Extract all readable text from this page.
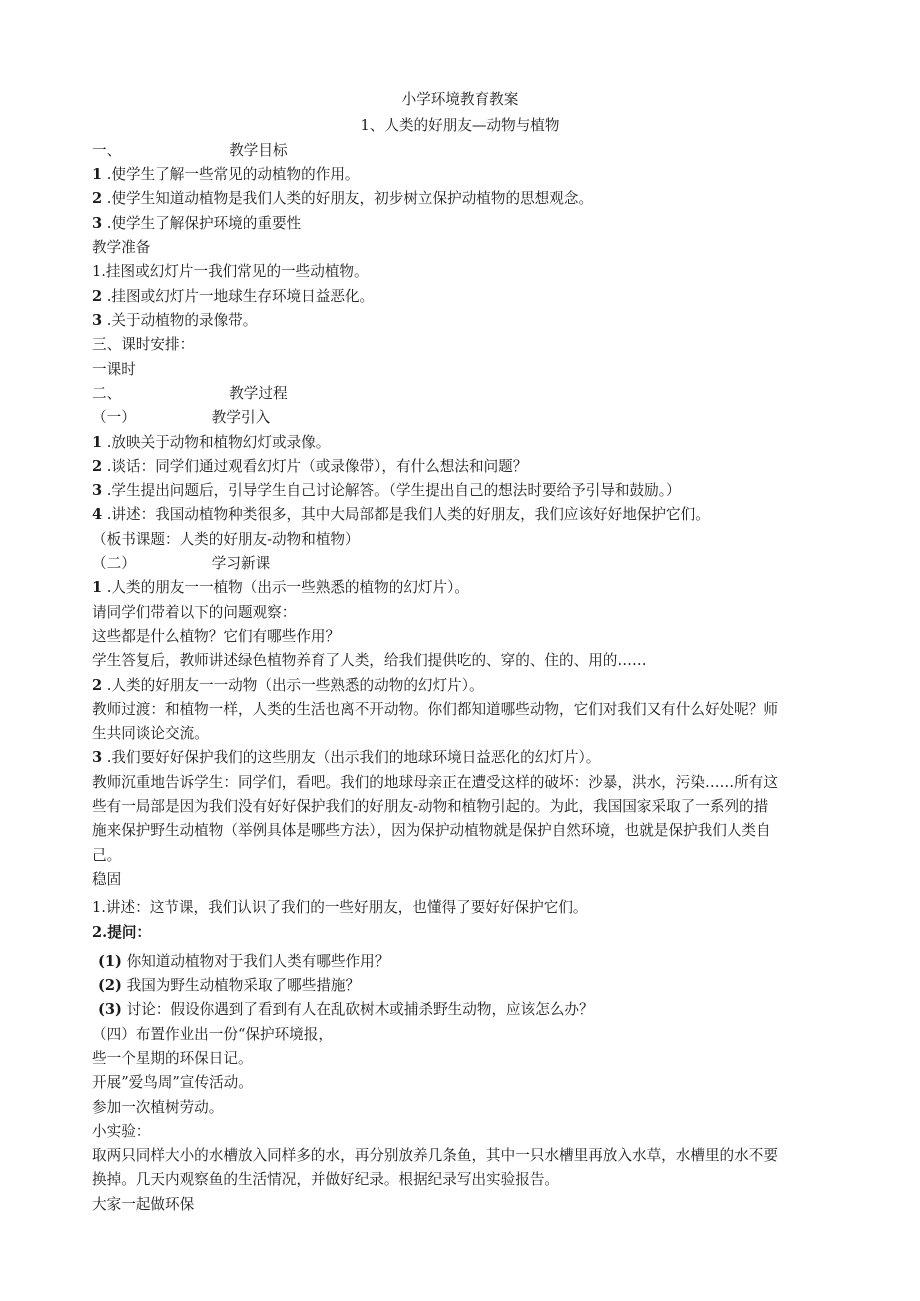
小学环境教育教案
1、人类的好朋友—动物与植物
一、	教学目标
1 .使学生了解一些常见的动植物的作用。
2 .使学生知道动植物是我们人类的好朋友，初步树立保护动植物的思想观念。
3 .使学生了解保护环境的重要性
教学准备
1.挂图或幻灯片一我们常见的一些动植物。
2 .挂图或幻灯片一地球生存环境日益恶化。
3 .关于动植物的录像带。
三、课时安排：
一课时
二、	教学过程
（一）	教学引入
1 .放映关于动物和植物幻灯或录像。
2 .谈话：同学们通过观看幻灯片（或录像带），有什么想法和问题？
3 .学生提出问题后，引导学生自己讨论解答。（学生提出自己的想法时要给予引导和鼓励。）
4 .讲述：我国动植物种类很多，其中大局部都是我们人类的好朋友，我们应该好好地保护它们。
（板书课题：人类的好朋友-动物和植物）
（二）	学习新课
1 .人类的朋友一一植物（出示一些熟悉的植物的幻灯片）。
请同学们带着以下的问题观察：
这些都是什么植物？它们有哪些作用？
学生答复后，教师讲述绿色植物养育了人类，给我们提供吃的、穿的、住的、用的……
2 .人类的好朋友一一动物（出示一些熟悉的动物的幻灯片）。
教师过渡：和植物一样，人类的生活也离不开动物。你们都知道哪些动物，它们对我们又有什么好处呢？师
生共同谈论交流。
3 .我们要好好保护我们的这些朋友（出示我们的地球环境日益恶化的幻灯片）。
教师沉重地告诉学生：同学们，看吧。我们的地球母亲正在遭受这样的破坏：沙暴，洪水，污染……所有这
些有一局部是因为我们没有好好保护我们的好朋友-动物和植物引起的。为此，我国国家采取了一系列的措
施来保护野生动植物（举例具体是哪些方法），因为保护动植物就是保护自然环境，也就是保护我们人类自
己。
稳固
1.讲述：这节课，我们认识了我们的一些好朋友，也懂得了要好好保护它们。
2.提问：
(1) 你知道动植物对于我们人类有哪些作用？
(2) 我国为野生动植物采取了哪些措施？
(3) 讨论：假设你遇到了看到有人在乱砍树木或捕杀野生动物，应该怎么办？
（四）布置作业出一份“保护环境报，
些一个星期的环保日记。
开展”爱鸟周”宣传活动。
参加一次植树劳动。
小实验：
取两只同样大小的水槽放入同样多的水，再分别放养几条鱼，其中一只水槽里再放入水草，水槽里的水不要
换掉。几天内观察鱼的生活情况，并做好纪录。根据纪录写出实验报告。
大家一起做环保
